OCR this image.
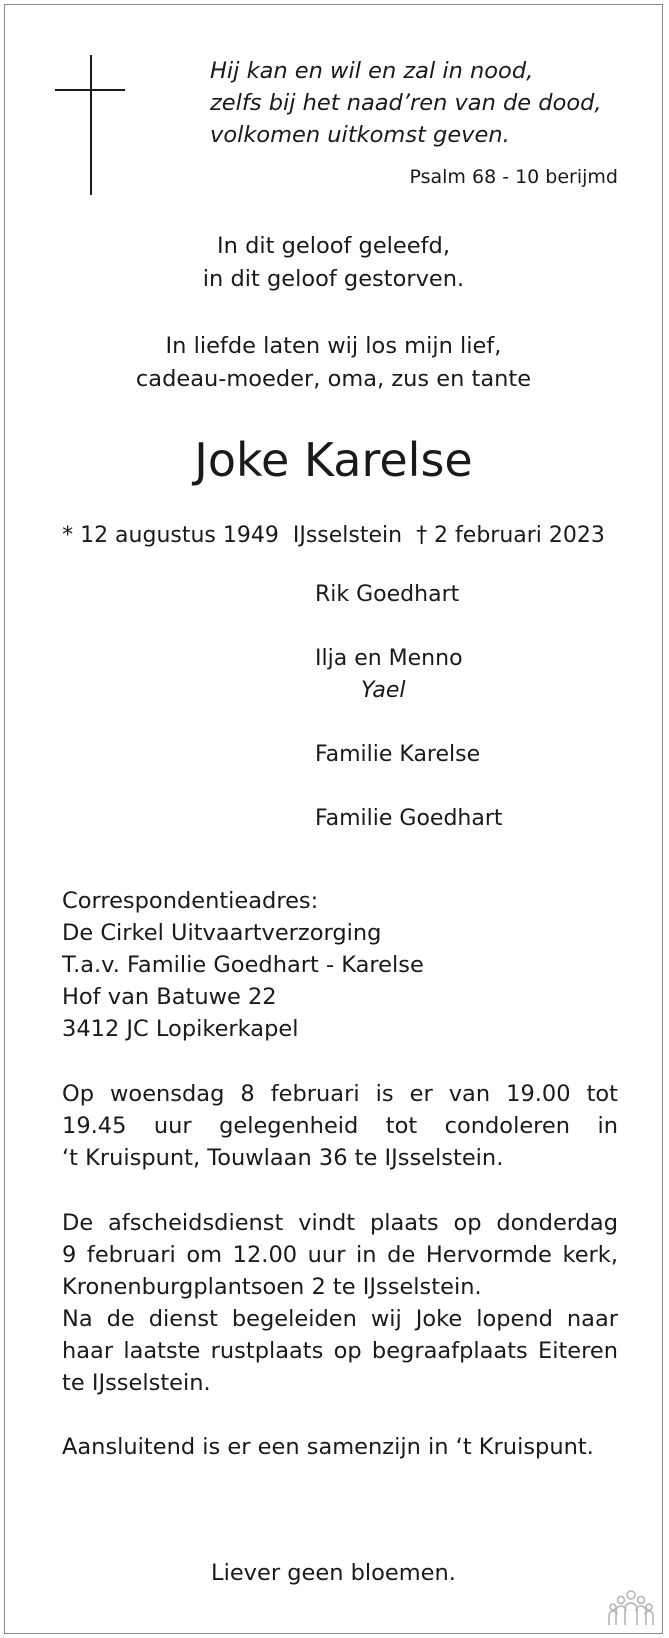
Hij kan en wil en zal in nood,
zelfs bij het naad’ren van de dood,
volkomen uitkomst geven.
Psalm 68 - 10 berijmd
In dit geloof geleefd,
in dit geloof gestorven.
In liefde laten wij los mijn lief,
cadeau-moeder, oma, zus en tante
Joke Karelse
* 12 augustus 1949  IJsselstein  † 2 februari 2023
Rik Goedhart
Ilja en Menno
Yael
Familie Karelse
Familie Goedhart
Correspondentieadres:
De Cirkel Uitvaartverzorging
T.a.v. Familie Goedhart - Karelse
Hof van Batuwe 22
3412 JC Lopikerkapel
Op woensdag 8 februari is er van 19.00 tot
19.45 uur gelegenheid tot condoleren in
‘t Kruispunt, Touwlaan 36 te IJsselstein.
De afscheidsdienst vindt plaats op donderdag
9 februari om 12.00 uur in de Hervormde kerk,
Kronenburgplantsoen 2 te IJsselstein.
Na de dienst begeleiden wij Joke lopend naar
haar laatste rustplaats op begraafplaats Eiteren
te IJsselstein.
Aansluitend is er een samenzijn in ‘t Kruispunt.
Liever geen bloemen.
